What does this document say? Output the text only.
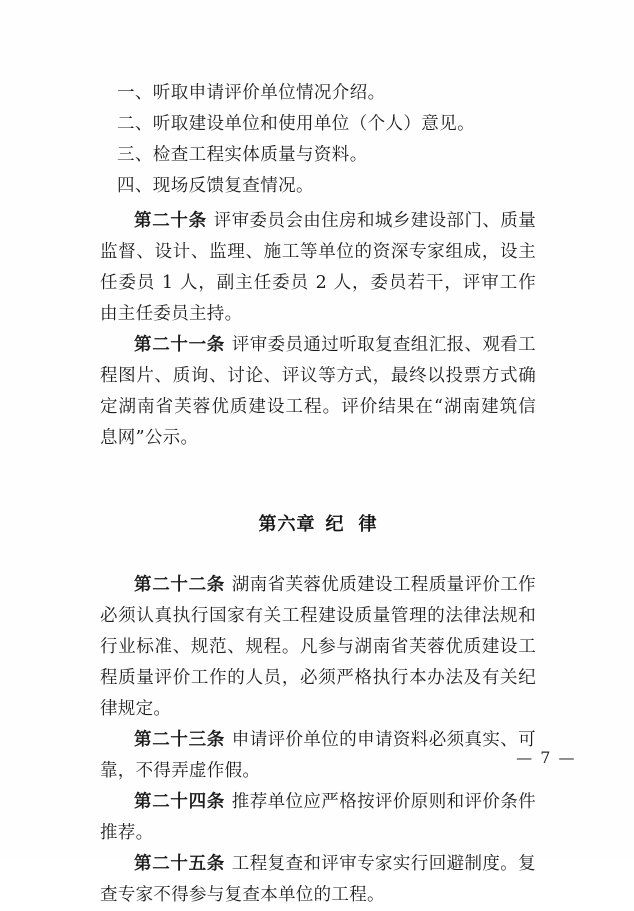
一、听取申请评价单位情况介绍。
二、听取建设单位和使用单位（个人）意见。
三、检查工程实体质量与资料。
四、现场反馈复查情况。

第二十条 评审委员会由住房和城乡建设部门、质量监督、设计、监理、施工等单位的资深专家组成，设主任委员 1 人，副主任委员 2 人，委员若干，评审工作由主任委员主持。

第二十一条 评审委员通过听取复查组汇报、观看工程图片、质询、讨论、评议等方式，最终以投票方式确定湖南省芙蓉优质建设工程。评价结果在“湖南建筑信息网”公示。

第六章 纪 律

第二十二条 湖南省芙蓉优质建设工程质量评价工作必须认真执行国家有关工程建设质量管理的法律法规和行业标准、规范、规程。凡参与湖南省芙蓉优质建设工程质量评价工作的人员，必须严格执行本办法及有关纪律规定。

第二十三条 申请评价单位的申请资料必须真实、可靠，不得弄虚作假。

第二十四条 推荐单位应严格按评价原则和评价条件推荐。

第二十五条 工程复查和评审专家实行回避制度。复查专家不得参与复查本单位的工程。

— 7 —
